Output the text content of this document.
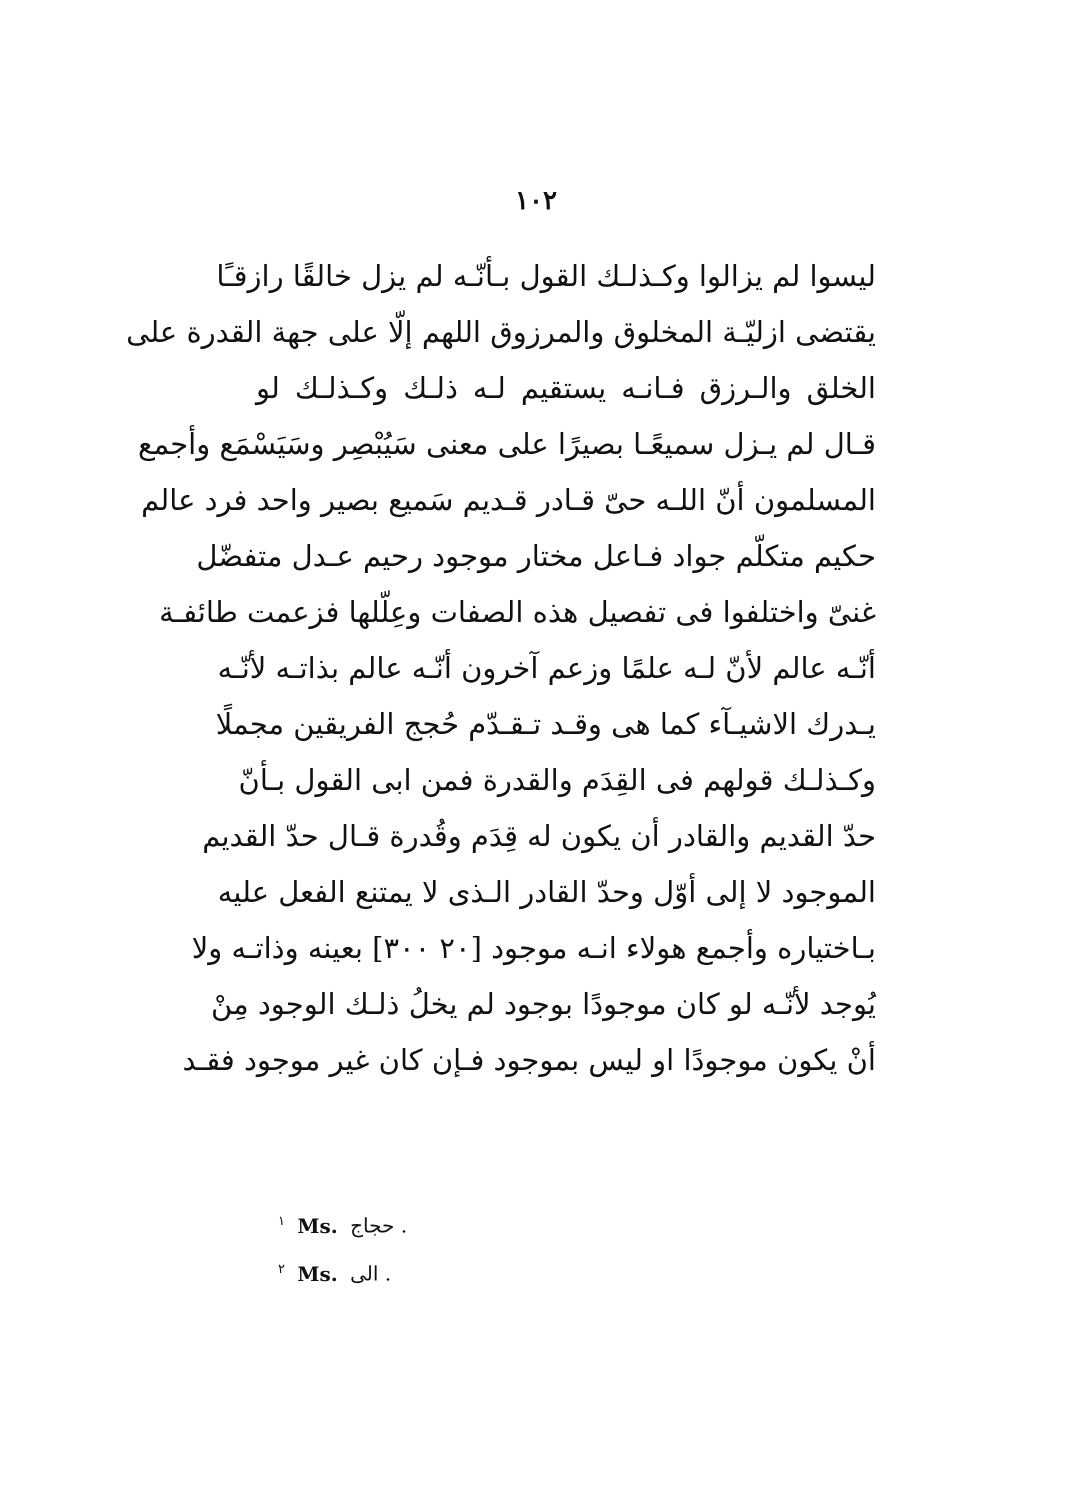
١٠٢
ليسوا لم يزالوا وكـذلـك القول بـأنّـه لم يزل خالقًا رازقـًا
يقتضى ازليّـة المخلوق والمرزوق اللهم إلّا على جهة القدرة على
الخلق والـرزق فـانـه يستقيم لـه ذلـك وكـذلـك لو
قـال لم يـزل سميعًـا بصيرًا على معنى سَيُبْصِر وسَيَسْمَع وأجمع
المسلمون أنّ اللـه حىّ قـادر قـديم سَميع بصير واحد فرد عالم
حكيم متكلّم جواد فـاعل مختار موجود رحيم عـدل متفضّل
غنىّ واختلفوا فى تفصيل هذه الصفات وعِلّلها فزعمت طائفـة
أنّـه عالم لأنّ لـه علمًا وزعم آخرون أنّـه عالم بذاتـه لأنّـه
يـدرك الاشيـآء كما هى وقـد تـقـدّم حُجج الفريقين مجملًا
وكـذلـك قولهم فى القِدَم والقدرة فمن ابى القول بـأنّ
حدّ القديم والقادر أن يكون له قِدَم وقُدرة قـال حدّ القديم
الموجود لا إلى أوّل وحدّ القادر الـذى لا يمتنع الفعل عليه
بـاختياره وأجمع هولاء انـه موجود [٢٠ ٣٠٠] بعينه وذاتـه ولا
يُوجد لأنّـه لو كان موجودًا بوجود لم يخلُ ذلـك الوجود مِنْ
أنْ يكون موجودًا او ليس بموجود فـإن كان غير موجود فقـد
$^١$ Ms. حجاج .
$^٢$ Ms. الى .
